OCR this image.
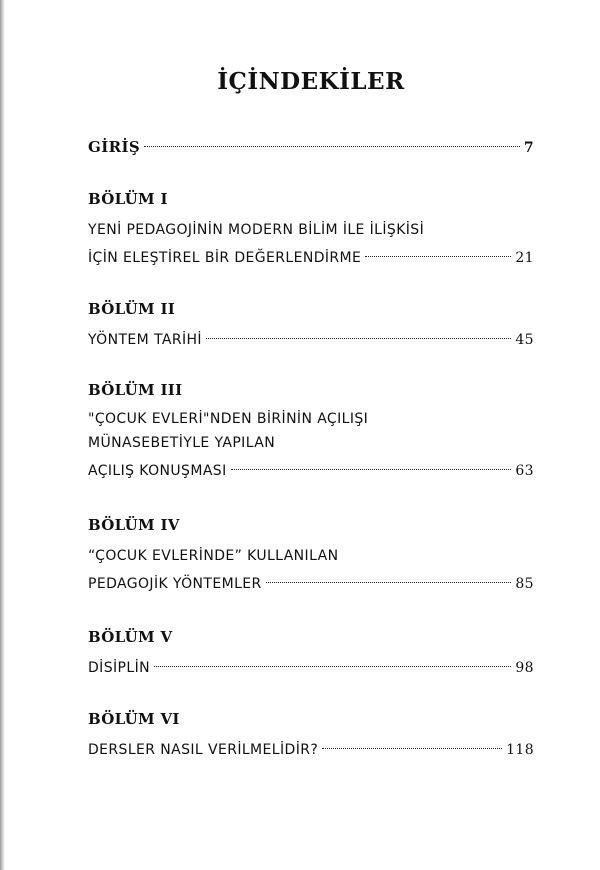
İÇİNDEKİLER
GİRİŞ	7
BÖLÜM I
YENİ PEDAGOJİNİN MODERN BİLİM İLE İLİŞKİSİ
İÇİN ELEŞTİREL BİR DEĞERLENDİRME	21
BÖLÜM II
YÖNTEM TARİHİ	45
BÖLÜM III
"ÇOCUK EVLERİ"NDEN BİRİNİN AÇILIŞI
MÜNASEBETİYLE YAPILAN
AÇILIŞ KONUŞMASI	63
BÖLÜM IV
“ÇOCUK EVLERİNDE” KULLANILAN
PEDAGOJİK YÖNTEMLER	85
BÖLÜM V
DİSİPLİN	98
BÖLÜM VI
DERSLER NASIL VERİLMELİDİR?	118
